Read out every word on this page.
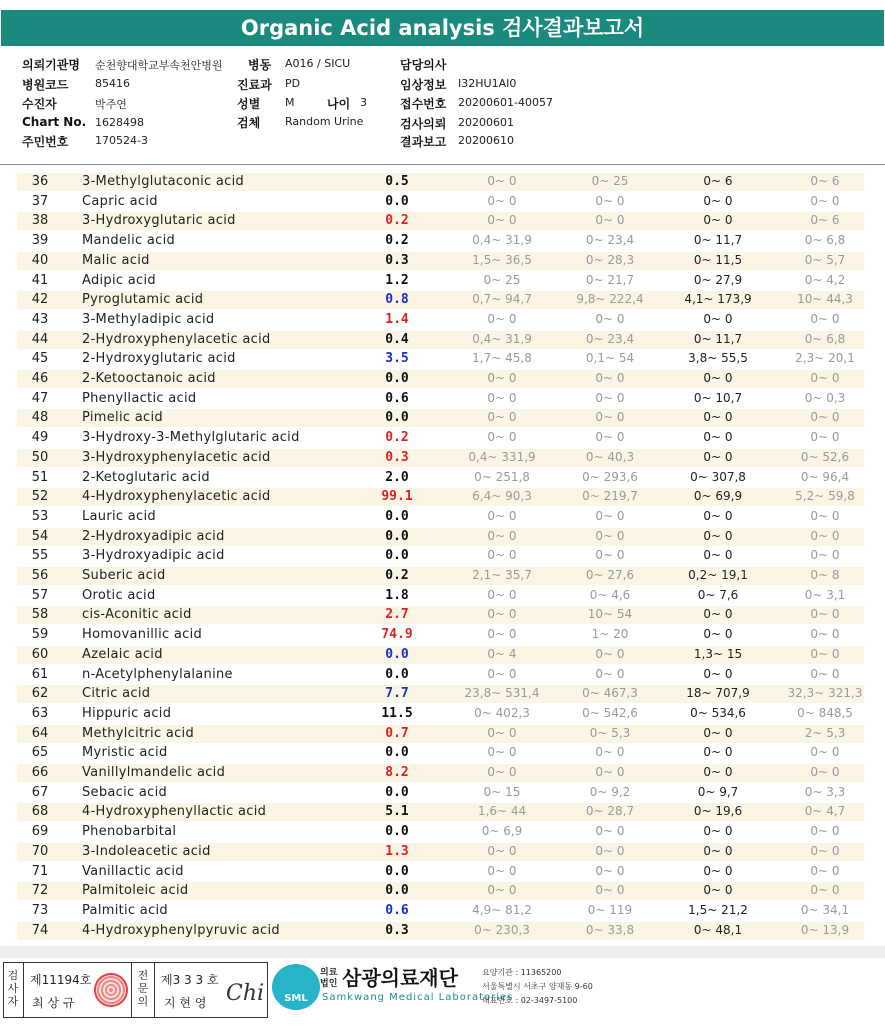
Organic Acid analysis 검사결과보고서
의뢰기관명 순천향대학교부속천안병원 병동 A016 / SICU	담당의사
병원코드 85416	진료과 PD	임상정보 I32HU1AI0
수진자	박주연	성별 M	나이 3	접수번호 20200601-40057
Chart No. 1628498	검체 Random Urine	검사의뢰 20200601
주민번호 170524-3	결과보고 20200610
36	3-Methylglutaconic acid	0.5	0~ 0	0~ 25	0~ 6	0~ 6
37	Capric acid	0.0	0~ 0	0~ 0	0~ 0	0~ 0
38	3-Hydroxyglutaric acid	0.2	0~ 0	0~ 0	0~ 0	0~ 6
39	Mandelic acid	0.2	0,4~ 31,9	0~ 23,4	0~ 11,7	0~ 6,8
40	Malic acid	0.3	1,5~ 36,5	0~ 28,3	0~ 11,5	0~ 5,7
41	Adipic acid	1.2	0~ 25	0~ 21,7	0~ 27,9	0~ 4,2
42	Pyroglutamic acid	0.8	0,7~ 94,7	9,8~ 222,4	4,1~ 173,9	10~ 44,3
43	3-Methyladipic acid	1.4	0~ 0	0~ 0	0~ 0	0~ 0
44	2-Hydroxyphenylacetic acid	0.4	0,4~ 31,9	0~ 23,4	0~ 11,7	0~ 6,8
45	2-Hydroxyglutaric acid	3.5	1,7~ 45,8	0,1~ 54	3,8~ 55,5	2,3~ 20,1
46	2-Ketooctanoic acid	0.0	0~ 0	0~ 0	0~ 0	0~ 0
47	Phenyllactic acid	0.6	0~ 0	0~ 0	0~ 10,7	0~ 0,3
48	Pimelic acid	0.0	0~ 0	0~ 0	0~ 0	0~ 0
49	3-Hydroxy-3-Methylglutaric acid	0.2	0~ 0	0~ 0	0~ 0	0~ 0
50	3-Hydroxyphenylacetic acid	0.3	0,4~ 331,9	0~ 40,3	0~ 0	0~ 52,6
51	2-Ketoglutaric acid	2.0	0~ 251,8	0~ 293,6	0~ 307,8	0~ 96,4
52	4-Hydroxyphenylacetic acid	99.1	6,4~ 90,3	0~ 219,7	0~ 69,9	5,2~ 59,8
53	Lauric acid	0.0	0~ 0	0~ 0	0~ 0	0~ 0
54	2-Hydroxyadipic acid	0.0	0~ 0	0~ 0	0~ 0	0~ 0
55	3-Hydroxyadipic acid	0.0	0~ 0	0~ 0	0~ 0	0~ 0
56	Suberic acid	0.2	2,1~ 35,7	0~ 27,6	0,2~ 19,1	0~ 8
57	Orotic acid	1.8	0~ 0	0~ 4,6	0~ 7,6	0~ 3,1
58	cis-Aconitic acid	2.7	0~ 0	10~ 54	0~ 0	0~ 0
59	Homovanillic acid	74.9	0~ 0	1~ 20	0~ 0	0~ 0
60	Azelaic acid	0.0	0~ 4	0~ 0	1,3~ 15	0~ 0
61	n-Acetylphenylalanine	0.0	0~ 0	0~ 0	0~ 0	0~ 0
62	Citric acid	7.7	23,8~ 531,4	0~ 467,3	18~ 707,9	32,3~ 321,3
63	Hippuric acid	11.5	0~ 402,3	0~ 542,6	0~ 534,6	0~ 848,5
64	Methylcitric acid	0.7	0~ 0	0~ 5,3	0~ 0	2~ 5,3
65	Myristic acid	0.0	0~ 0	0~ 0	0~ 0	0~ 0
66	Vanillylmandelic acid	8.2	0~ 0	0~ 0	0~ 0	0~ 0
67	Sebacic acid	0.0	0~ 15	0~ 9,2	0~ 9,7	0~ 3,3
68	4-Hydroxyphenyllactic acid	5.1	1,6~ 44	0~ 28,7	0~ 19,6	0~ 4,7
69	Phenobarbital	0.0	0~ 6,9	0~ 0	0~ 0	0~ 0
70	3-Indoleacetic acid	1.3	0~ 0	0~ 0	0~ 0	0~ 0
71	Vanillactic acid	0.0	0~ 0	0~ 0	0~ 0	0~ 0
72	Palmitoleic acid	0.0	0~ 0	0~ 0	0~ 0	0~ 0
73	Palmitic acid	0.6	4,9~ 81,2	0~ 119	1,5~ 21,2	0~ 34,1
74	4-Hydroxyphenylpyruvic acid	0.3	0~ 230,3	0~ 33,8	0~ 48,1	0~ 13,9
검사자
제11194호
최 상 규
전문의
제3 3 3 호
지 현 영 Chi	SML
의료법인 삼광의료재단
Samkwang Medical Laboratories
요양기관 : 11365200
서울특별시 서초구 양재동 9-60
대표번호 : 02-3497-5100
